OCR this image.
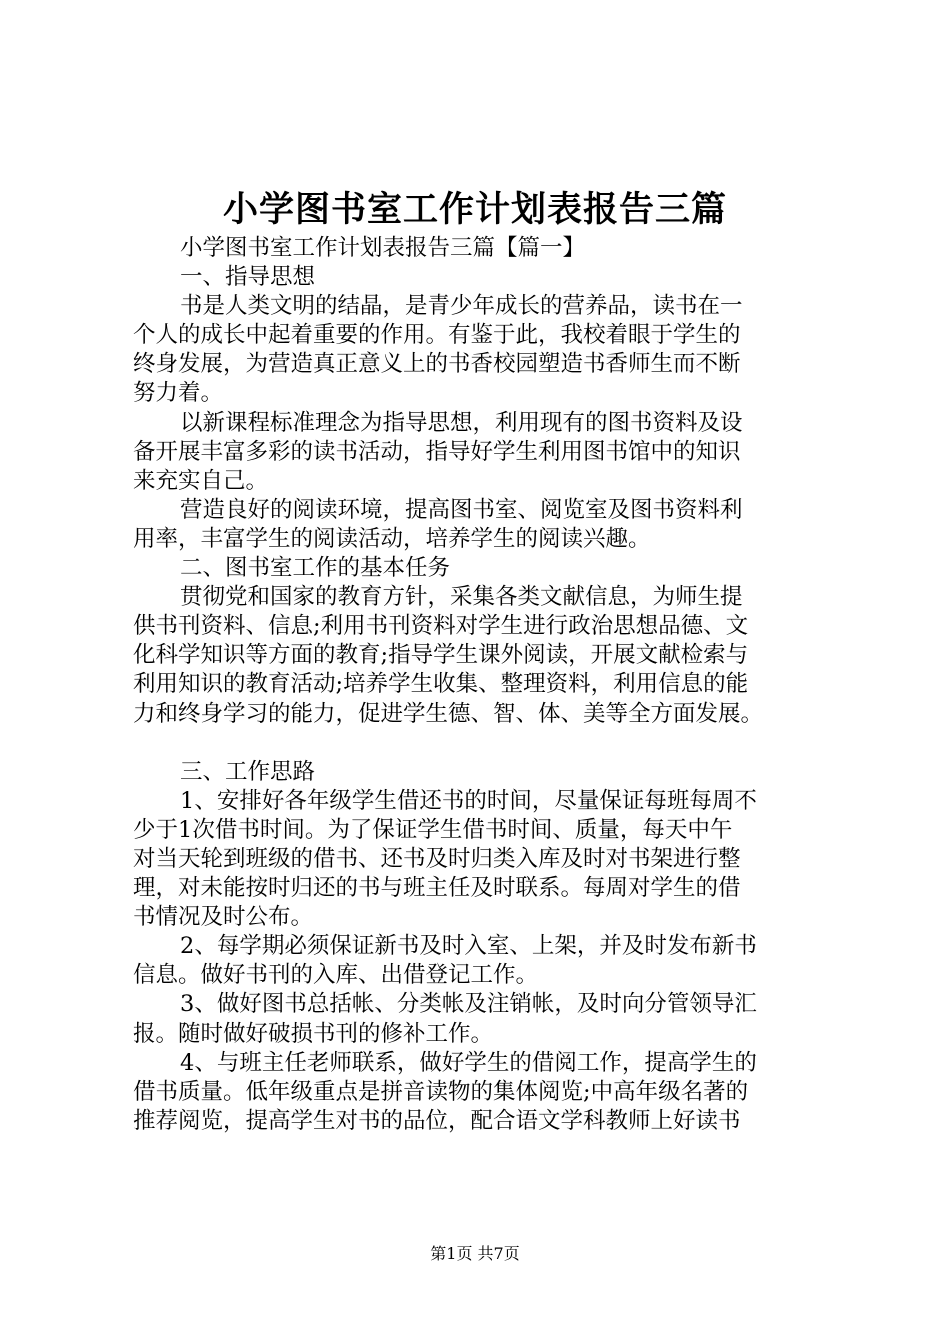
小学图书室工作计划表报告三篇
小学图书室工作计划表报告三篇【篇一】
一、指导思想
书是人类文明的结晶，是青少年成长的营养品，读书在一
个人的成长中起着重要的作用。有鉴于此，我校着眼于学生的
终身发展，为营造真正意义上的书香校园塑造书香师生而不断
努力着。
以新课程标准理念为指导思想，利用现有的图书资料及设
备开展丰富多彩的读书活动，指导好学生利用图书馆中的知识
来充实自己。
营造良好的阅读环境，提高图书室、阅览室及图书资料利
用率，丰富学生的阅读活动，培养学生的阅读兴趣。
二、图书室工作的基本任务
贯彻党和国家的教育方针，采集各类文献信息，为师生提
供书刊资料、信息;利用书刊资料对学生进行政治思想品德、文
化科学知识等方面的教育;指导学生课外阅读，开展文献检索与
利用知识的教育活动;培养学生收集、整理资料，利用信息的能
力和终身学习的能力，促进学生德、智、体、美等全方面发展。
三、工作思路
1、安排好各年级学生借还书的时间，尽量保证每班每周不
少于1次借书时间。为了保证学生借书时间、质量，每天中午
对当天轮到班级的借书、还书及时归类入库及时对书架进行整
理，对未能按时归还的书与班主任及时联系。每周对学生的借
书情况及时公布。
2、每学期必须保证新书及时入室、上架，并及时发布新书
信息。做好书刊的入库、出借登记工作。
3、做好图书总括帐、分类帐及注销帐，及时向分管领导汇
报。随时做好破损书刊的修补工作。
4、与班主任老师联系，做好学生的借阅工作，提高学生的
借书质量。低年级重点是拼音读物的集体阅览;中高年级名著的
推荐阅览，提高学生对书的品位，配合语文学科教师上好读书
第1页 共7页
